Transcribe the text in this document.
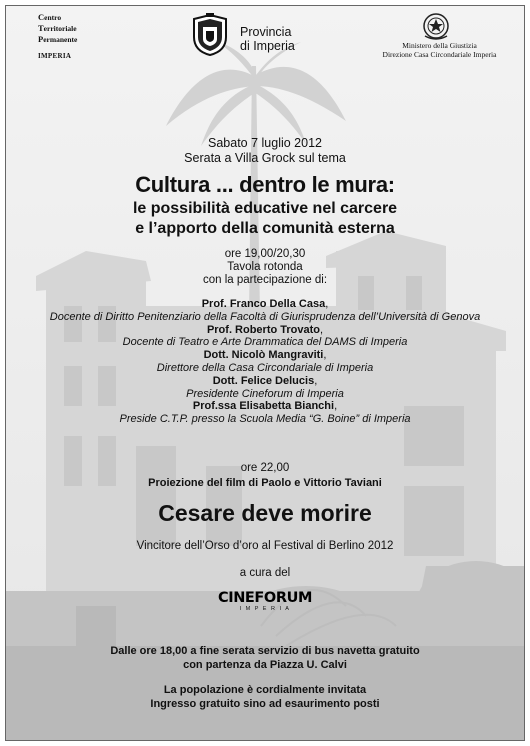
Centro
Territoriale
Permanente
IMPERIA
Provincia
di Imperia	Ministero della Giustizia
Direzione Casa Circondariale Imperia
Sabato 7 luglio 2012
Serata a Villa Grock sul tema
Cultura ... dentro le mura:
le possibilità educative nel carcere
e l’apporto della comunità esterna
ore 19,00/20,30
Tavola rotonda
con la partecipazione di:
Prof. Franco Della Casa,
Docente di Diritto Penitenziario della Facoltà di Giurisprudenza dell’Università di Genova
Prof. Roberto Trovato,
Docente di Teatro e Arte Drammatica del DAMS di Imperia
Dott. Nicolò Mangraviti,
Direttore della Casa Circondariale di Imperia
Dott. Felice Delucis,
Presidente Cineforum di Imperia
Prof.ssa Elisabetta Bianchi,
Preside C.T.P. presso la Scuola Media “G. Boine” di Imperia
ore 22,00
Proiezione del film di Paolo e Vittorio Taviani
Cesare deve morire
Vincitore dell’Orso d’oro al Festival di Berlino 2012
a cura del
CINEFORUM
I M P E R I A
Dalle ore 18,00 a fine serata servizio di bus navetta gratuito
con partenza da Piazza U. Calvi
La popolazione è cordialmente invitata
Ingresso gratuito sino ad esaurimento posti
